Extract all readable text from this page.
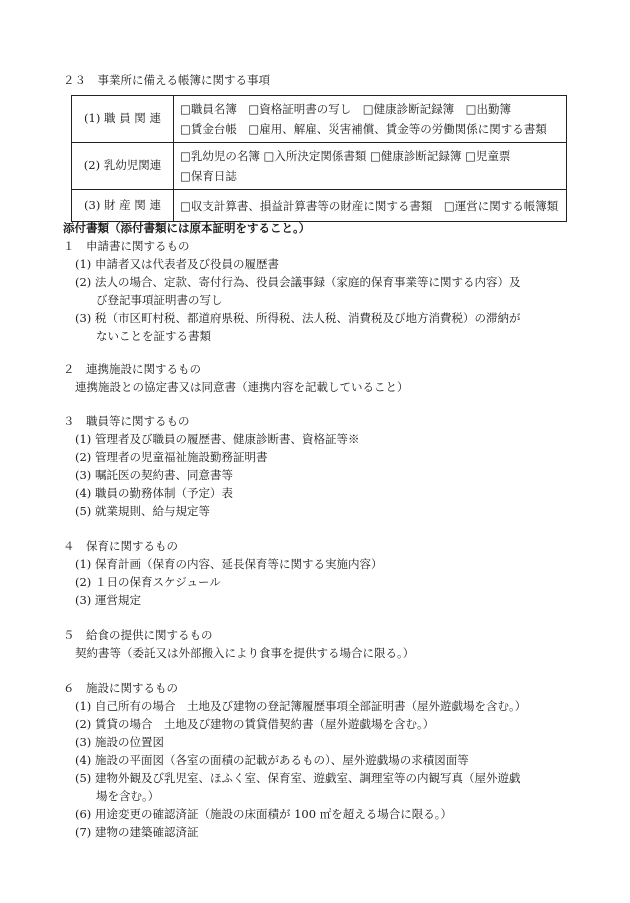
２３　事業所に備える帳簿に関する事項
(1) 職 員 関 連	□職員名簿　□資格証明書の写し　□健康診断記録簿　□出勤簿
□賃金台帳　□雇用、解雇、災害補償、賃金等の労働関係に関する書類

(2) 乳幼児関連	□乳幼児の名簿 □入所決定関係書類 □健康診断記録簿 □児童票
□保育日誌

(3) 財 産 関 連	□収支計算書、損益計算書等の財産に関する書類　□運営に関する帳簿類
添付書類（添付書類には原本証明をすること。）
１　申請書に関するもの
(1) 申請者又は代表者及び役員の履歴書
(2) 法人の場合、定款、寄付行為、役員会議事録（家庭的保育事業等に関する内容）及
び登記事項証明書の写し
(3) 税（市区町村税、都道府県税、所得税、法人税、消費税及び地方消費税）の滞納が
ないことを証する書類
２　連携施設に関するもの
連携施設との協定書又は同意書（連携内容を記載していること）
３　職員等に関するもの
(1) 管理者及び職員の履歴書、健康診断書、資格証等※
(2) 管理者の児童福祉施設勤務証明書
(3) 嘱託医の契約書、同意書等
(4) 職員の勤務体制（予定）表
(5) 就業規則、給与規定等
４　保育に関するもの
(1) 保育計画（保育の内容、延長保育等に関する実施内容）
(2) １日の保育スケジュール
(3) 運営規定
５　給食の提供に関するもの
契約書等（委託又は外部搬入により食事を提供する場合に限る。）
６　施設に関するもの
(1) 自己所有の場合　土地及び建物の登記簿履歴事項全部証明書（屋外遊戯場を含む。）
(2) 賃貸の場合　土地及び建物の賃貸借契約書（屋外遊戯場を含む。）
(3) 施設の位置図
(4) 施設の平面図（各室の面積の記載があるもの）、屋外遊戯場の求積図面等
(5) 建物外観及び乳児室、ほふく室、保育室、遊戯室、調理室等の内観写真（屋外遊戯
場を含む。）
(6) 用途変更の確認済証（施設の床面積が 100 ㎡を超える場合に限る。）
(7) 建物の建築確認済証
